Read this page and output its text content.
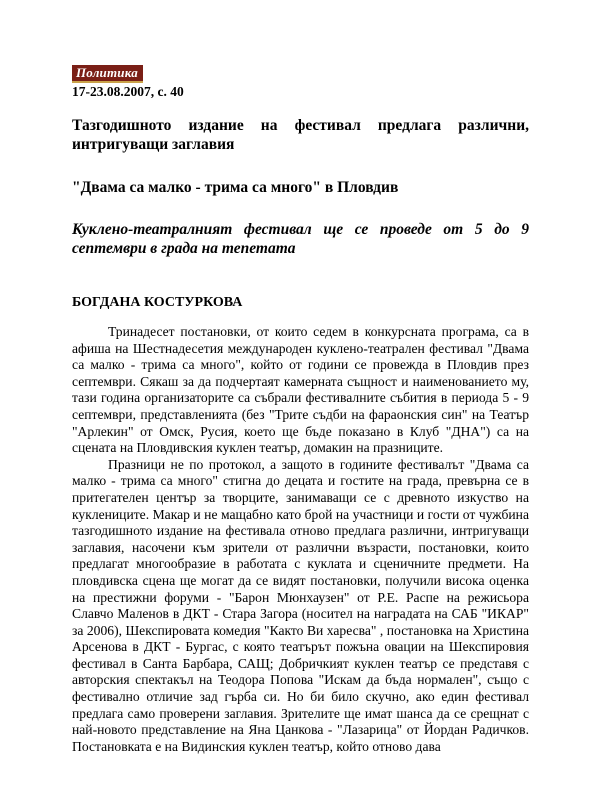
Политика
17-23.08.2007, с. 40
Тазгодишното издание на фестивал предлага различни, интригуващи заглавия
"Двама са малко - трима са много" в Пловдив
Куклено-театралният фестивал ще се проведе от 5 до 9 септември в града на тепетата
БОГДАНА КОСТУРКОВА

Тринадесет постановки, от които седем в конкурсната програма, са в афиша на Шестнадесетия международен куклено-театрален фестивал "Двама са малко - трима са много", който от години се провежда в Пловдив през септември. Сякаш за да подчертаят камерната същност и наименованието му, тази година организаторите са събрали фестивалните събития в периода 5 - 9 септември, представленията (без "Трите съдби на фараонския син" на Театър "Арлекин" от Омск, Русия, което ще бъде показано в Клуб "ДНА") са на сцената на Пловдивския куклен театър, домакин на празниците.

Празници не по протокол, а защото в годините фестивалът "Двама са малко - трима са много" стигна до децата и гостите на града, превърна се в притегателен център за творците, занимаващи се с древното изкуство на кукленицитe. Макар и не мащабно като брой на участници и гости от чужбина тазгодишното издание на фестивала отново предлага различни, интригуващи заглавия, насочени към зрители от различни възрасти, постановки, които предлагат многообразие в работата с куклата и сценичните предмети. На пловдивска сцена ще могат да се видят постановки, получили висока оценка на престижни форуми - "Барон Мюнхаузен" от Р.Е. Распе на режисьора Славчо Маленов в ДКТ - Стара Загора (носител на наградата на САБ "ИКАР" за 2006), Шекспировата комедия "Както Ви харесва" , постановка на Христина Арсенова в ДКТ - Бургас, с която театърът пожъна овации на Шекспировия фестивал в Санта Барбара, САЩ; Добричкият куклен театър се представя с авторския спектакъл на Теодора Попова "Искам да бъда нормален", също с фестивално отличие зад гърба си. Но би било скучно, ако един фестивал предлага само проверени заглавия. Зрителите ще имат шанса да се срещнат с най-новото представление на Яна Цанкова - "Лазарица" от Йордан Радичков. Постановката е на Видинския куклен театър, който отново дава
